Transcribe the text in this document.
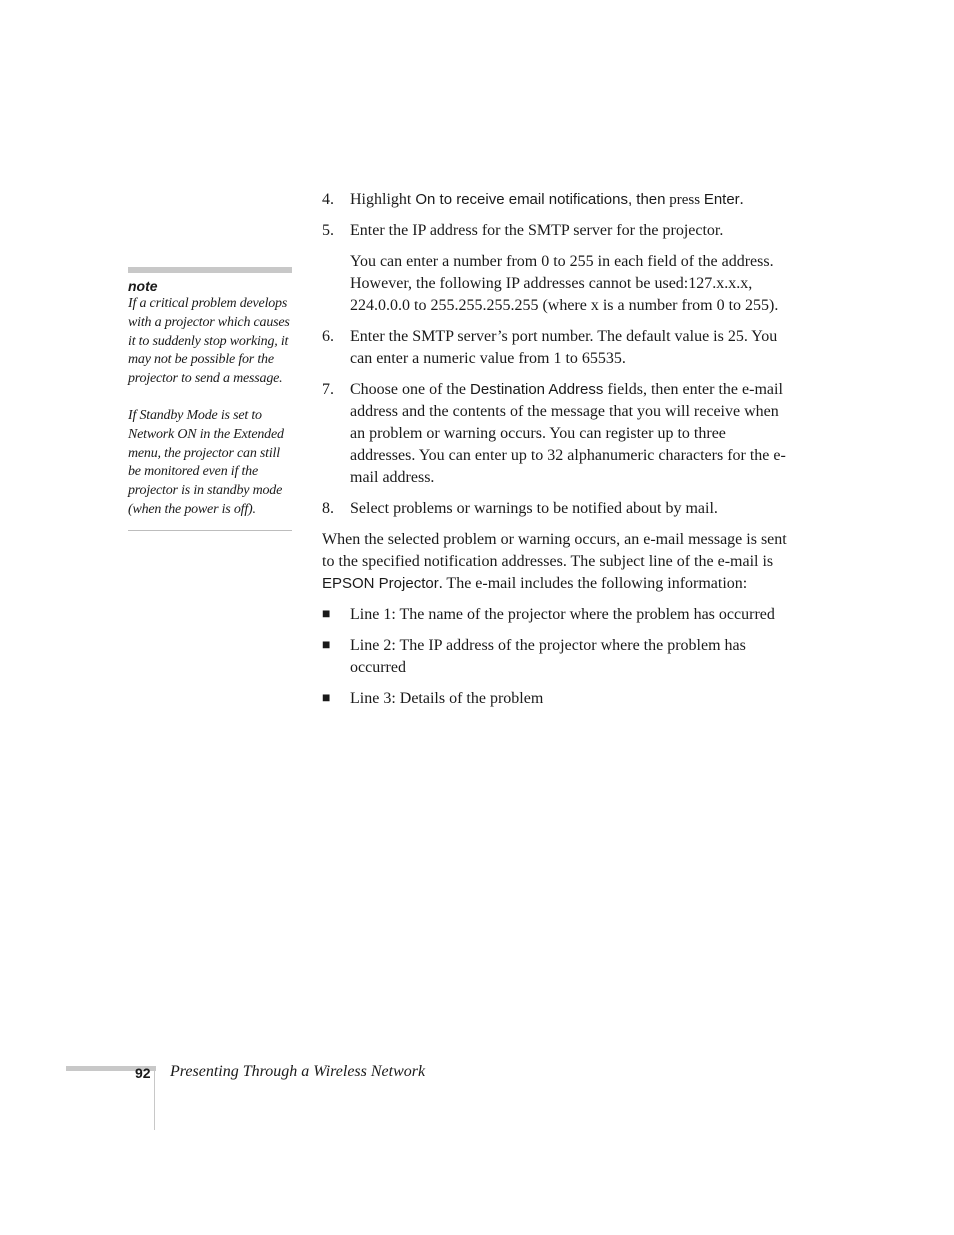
note

If a critical problem develops with a projector which causes it to suddenly stop working, it may not be possible for the projector to send a message.

If Standby Mode is set to Network ON in the Extended menu, the projector can still be monitored even if the projector is in standby mode (when the power is off).

4. Highlight On to receive email notifications, then press Enter.
5. Enter the IP address for the SMTP server for the projector.
You can enter a number from 0 to 255 in each field of the address. However, the following IP addresses cannot be used:127.x.x.x, 224.0.0.0 to 255.255.255.255 (where x is a number from 0 to 255).
6. Enter the SMTP server’s port number. The default value is 25. You can enter a numeric value from 1 to 65535.
7. Choose one of the Destination Address fields, then enter the e-mail address and the contents of the message that you will receive when an problem or warning occurs. You can register up to three addresses. You can enter up to 32 alphanumeric characters for the e-mail address.
8. Select problems or warnings to be notified about by mail.
When the selected problem or warning occurs, an e-mail message is sent to the specified notification addresses. The subject line of the e-mail is EPSON Projector. The e-mail includes the following information:
■ Line 1: The name of the projector where the problem has occurred
■ Line 2: The IP address of the projector where the problem has occurred
■ Line 3: Details of the problem
92 Presenting Through a Wireless Network
